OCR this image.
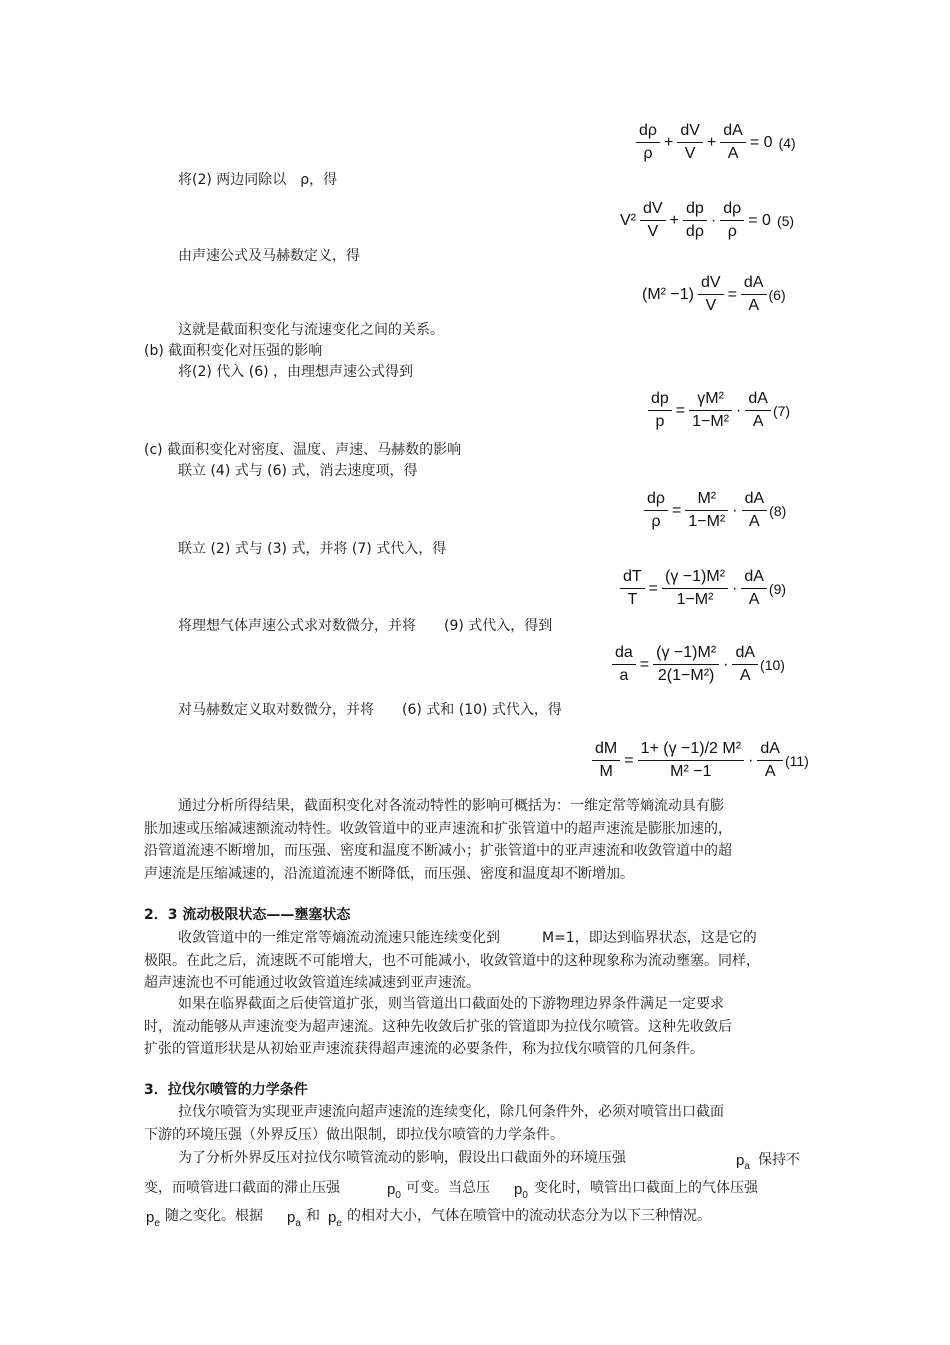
$\frac{d\rho}{\rho} + \frac{dV}{V} + \frac{dA}{A} = 0$ (4)
将(2) 两边同除以　ρ，得
$V^2 \frac{dV}{V} + \frac{dp}{d\rho} \cdot \frac{d\rho}{\rho} = 0$ (5)
由声速公式及马赫数定义，得
$(M^2 -1) \frac{dV}{V} = \frac{dA}{A} (6)$
这就是截面积变化与流速变化之间的关系。
(b) 截面积变化对压强的影响
将(2) 代入 (6) ，由理想声速公式得到
$\frac{dp}{p} = \frac{\text{γM²}}{\text{1−M²}} \cdot \frac{dA}{A} (7)$
(c) 截面积变化对密度、温度、声速、马赫数的影响
联立 (4) 式与 (6) 式，消去速度项，得
$\frac{d\rho}{\rho} = \frac{\text{M²}}{\text{1−M²}} \cdot \frac{dA}{A} (8)$
联立 (2) 式与 (3) 式，并将 (7) 式代入，得
$\frac{dT}{T} = \frac{\text{(γ −1)M²}}{\text{1−M²}} \cdot \frac{dA}{A} (9)$
将理想气体声速公式求对数微分，并将　　(9) 式代入，得到
$\frac{da}{a} = \frac{\text{(γ −1)M²}}{\text{2(1−M²)}} \cdot \frac{dA}{A} (10)$
对马赫数定义取对数微分，并将　　(6) 式和 (10) 式代入，得
$\frac{dM}{M} = \frac{\text{1+ (γ −1)/2 M²}}{\text{M² −1}} \cdot \frac{dA}{A} (11)$
通过分析所得结果，截面积变化对各流动特性的影响可概括为：一维定常等熵流动具有膨胀加速或压缩减速额流动特性。收敛管道中的亚声速流和扩张管道中的超声速流是膨胀加速的，沿管道流速不断增加，而压强、密度和温度不断减小；扩张管道中的亚声速流和收敛管道中的超声速流是压缩减速的，沿流道流速不断降低，而压强、密度和温度却不断增加。
2．3 流动极限状态——壅塞状态
收敛管道中的一维定常等熵流动流速只能连续变化到　　　M=1，即达到临界状态，这是它的极限。在此之后，流速既不可能增大，也不可能减小，收敛管道中的这种现象称为流动壅塞。同样，超声速流也不可能通过收敛管道连续减速到亚声速流。
如果在临界截面之后使管道扩张，则当管道出口截面处的下游物理边界条件满足一定要求时，流动能够从声速流变为超声速流。这种先收敛后扩张的管道即为拉伐尔喷管。这种先收敛后扩张的管道形状是从初始亚声速流获得超声速流的必要条件，称为拉伐尔喷管的几何条件。
3．拉伐尔喷管的力学条件
拉伐尔喷管为实现亚声速流向超声速流的连续变化，除几何条件外，必须对喷管出口截面下游的环境压强（外界反压）做出限制，即拉伐尔喷管的力学条件。
为了分析外界反压对拉伐尔喷管流动的影响，假设出口截面外的环境压强	$p_a$ 保持不
变，而喷管进口截面的滞止压强	$p_0$ 可变。当总压 $p_0$ 变化时，喷管出口截面上的气体压强
$p_e$ 随之变化。根据 $p_a$ 和 $p_e$ 的相对大小，气体在喷管中的流动状态分为以下三种情况。
